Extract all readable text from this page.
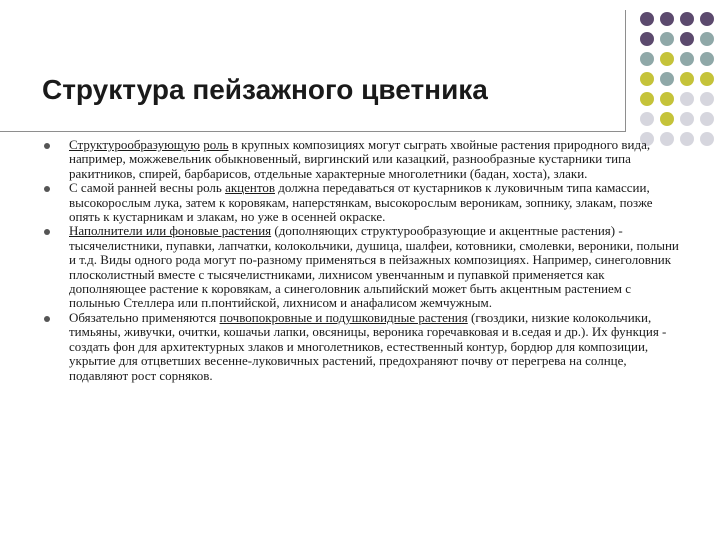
Структура пейзажного цветника
Структурообразующую роль в крупных композициях могут сыграть хвойные растения природного вида, например, можжевельник обыкновенный, виргинский или казацкий, разнообразные кустарники типа ракитников, спирей, барбарисов, отдельные характерные многолетники (бадан, хоста), злаки.
С самой ранней весны роль акцентов должна передаваться от кустарников к луковичным типа камассии, высокорослым лука, затем к коровякам, наперстянкам, высокорослым вероникам, зопнику, злакам, позже опять к кустарникам и злакам, но уже в осенней окраске.
Наполнители или фоновые растения (дополняющих структурообразующие и акцентные растения) - тысячелистники, пупавки, лапчатки, колокольчики, душица, шалфеи, котовники, смолевки, вероники, полыни и т.д. Виды одного рода могут по-разному применяться в пейзажных композициях. Например, синеголовник плосколистный вместе с тысячелистниками, лихнисом увенчанным и пупавкой применяется как дополняющее растение к коровякам, а синеголовник альпийский может быть акцентным растением с полынью Стеллера или п.понтийской, лихнисом и анафалисом жемчужным.
Обязательно применяются почвопокровные и подушковидные растения (гвоздики, низкие колокольчики, тимьяны, живучки, очитки, кошачьи лапки, овсяницы, вероника горечавковая и в.седая и др.). Их функция - создать фон для архитектурных злаков и многолетников, естественный контур, бордюр для композиции, укрытие для отцветших весенне-луковичных растений, предохраняют почву от перегрева на солнце, подавляют рост сорняков.
